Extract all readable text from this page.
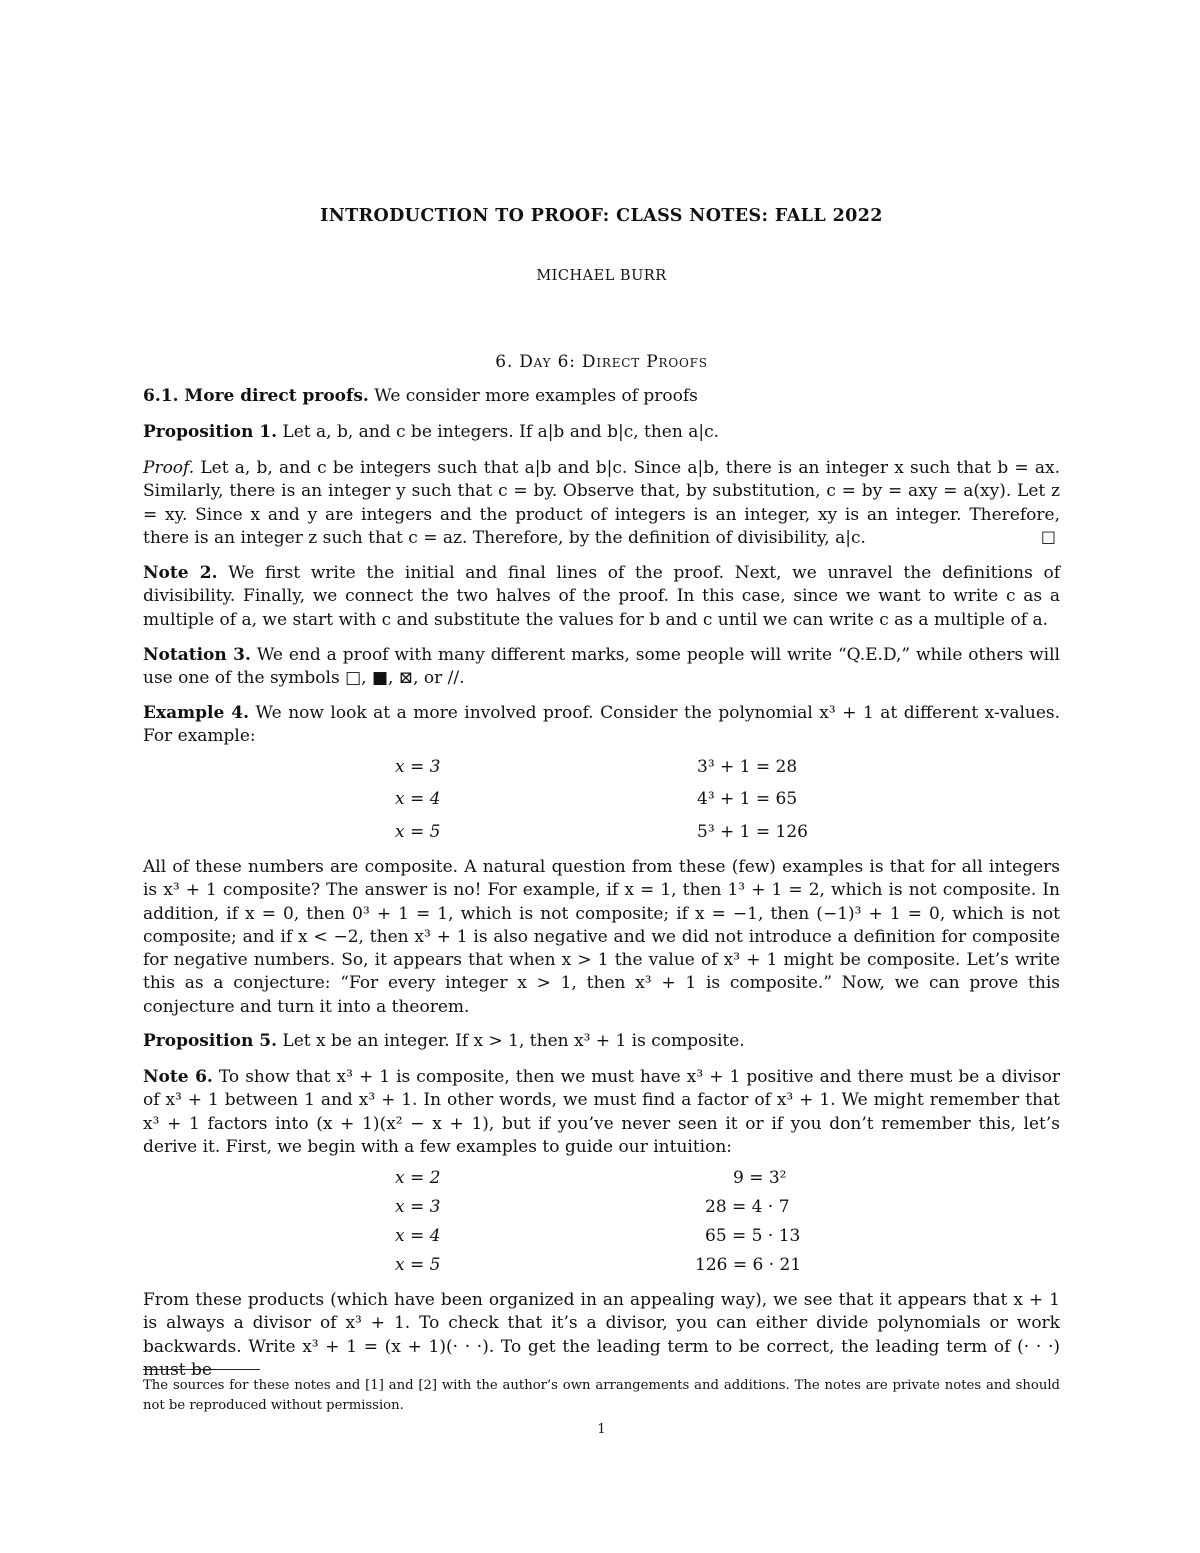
INTRODUCTION TO PROOF: CLASS NOTES: FALL 2022
MICHAEL BURR
6. Day 6: Direct Proofs
6.1. More direct proofs. We consider more examples of proofs
Proposition 1. Let a, b, and c be integers. If a|b and b|c, then a|c.
Proof. Let a, b, and c be integers such that a|b and b|c. Since a|b, there is an integer x such that b = ax. Similarly, there is an integer y such that c = by. Observe that, by substitution, c = by = axy = a(xy). Let z = xy. Since x and y are integers and the product of integers is an integer, xy is an integer. Therefore, there is an integer z such that c = az. Therefore, by the definition of divisibility, a|c.	□
Note 2. We first write the initial and final lines of the proof. Next, we unravel the definitions of divisibility. Finally, we connect the two halves of the proof. In this case, since we want to write c as a multiple of a, we start with c and substitute the values for b and c until we can write c as a multiple of a.
Notation 3. We end a proof with many different marks, some people will write “Q.E.D,” while others will use one of the symbols □, ■, ⊠, or //.
Example 4. We now look at a more involved proof. Consider the polynomial x³ + 1 at different x-values. For example:
x = 3	3³ + 1 = 28
x = 4	4³ + 1 = 65
x = 5	5³ + 1 = 126
All of these numbers are composite. A natural question from these (few) examples is that for all integers is x³ + 1 composite? The answer is no! For example, if x = 1, then 1³ + 1 = 2, which is not composite. In addition, if x = 0, then 0³ + 1 = 1, which is not composite; if x = −1, then (−1)³ + 1 = 0, which is not composite; and if x < −2, then x³ + 1 is also negative and we did not introduce a definition for composite for negative numbers. So, it appears that when x > 1 the value of x³ + 1 might be composite. Let’s write this as a conjecture: “For every integer x > 1, then x³ + 1 is composite.” Now, we can prove this conjecture and turn it into a theorem.
Proposition 5. Let x be an integer. If x > 1, then x³ + 1 is composite.
Note 6. To show that x³ + 1 is composite, then we must have x³ + 1 positive and there must be a divisor of x³ + 1 between 1 and x³ + 1. In other words, we must find a factor of x³ + 1. We might remember that x³ + 1 factors into (x + 1)(x² − x + 1), but if you’ve never seen it or if you don’t remember this, let’s derive it. First, we begin with a few examples to guide our intuition:
x = 2	9 = 3²
x = 3	28 = 4 · 7
x = 4	65 = 5 · 13
x = 5	126 = 6 · 21
From these products (which have been organized in an appealing way), we see that it appears that x + 1 is always a divisor of x³ + 1. To check that it’s a divisor, you can either divide polynomials or work backwards. Write x³ + 1 = (x + 1)(· · ·). To get the leading term to be correct, the leading term of (· · ·) must be
The sources for these notes and [1] and [2] with the author’s own arrangements and additions. The notes are private notes and should not be reproduced without permission.
1
